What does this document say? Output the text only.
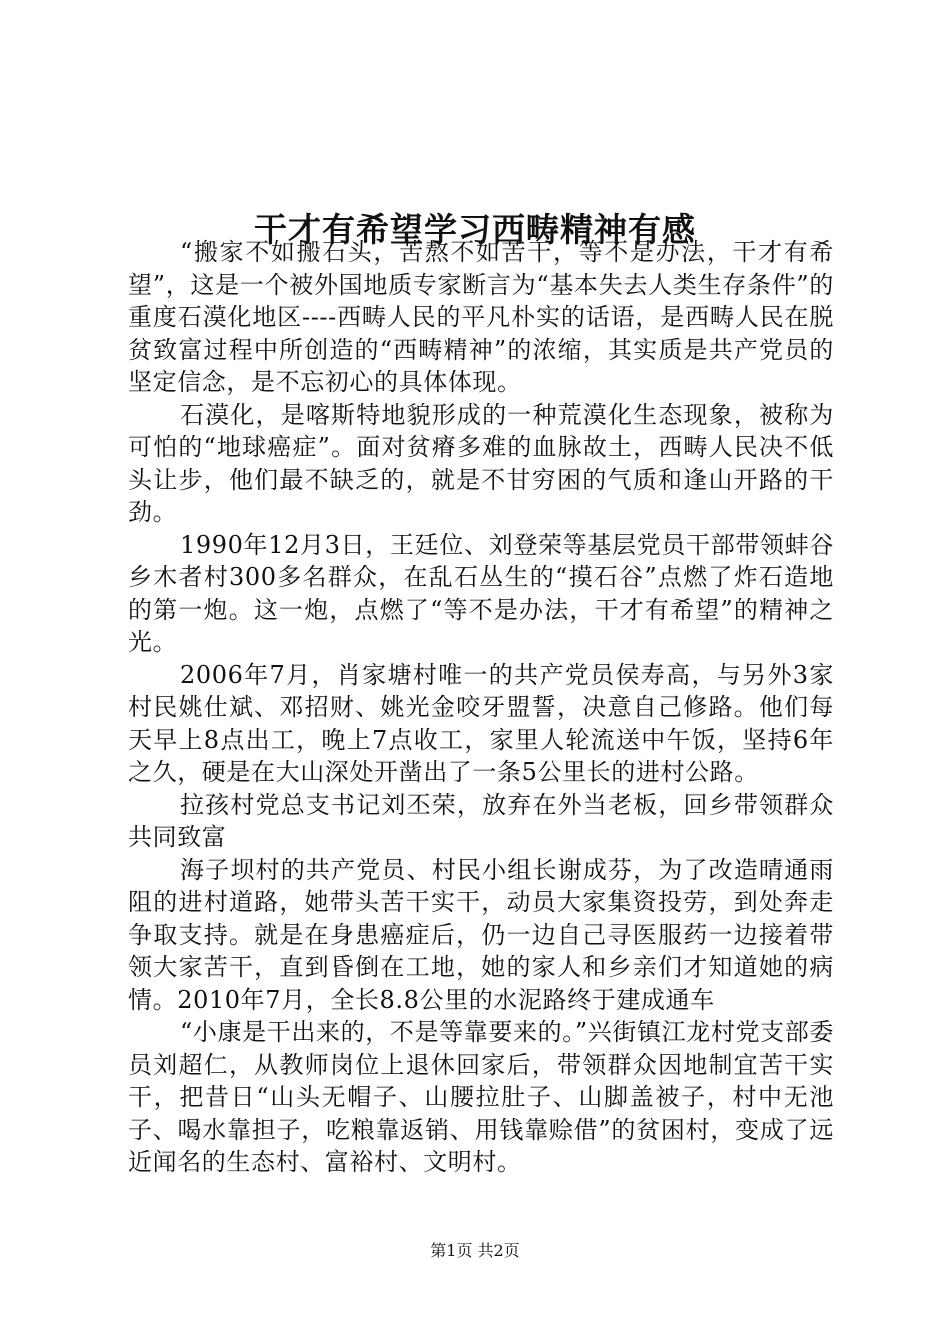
干才有希望学习西畴精神有感

“搬家不如搬石头，苦熬不如苦干，等不是办法，干才有希望”，这是一个被外国地质专家断言为“基本失去人类生存条件”的重度石漠化地区----西畴人民的平凡朴实的话语，是西畴人民在脱贫致富过程中所创造的“西畴精神”的浓缩，其实质是共产党员的坚定信念，是不忘初心的具体体现。

石漠化，是喀斯特地貌形成的一种荒漠化生态现象，被称为可怕的“地球癌症”。面对贫瘠多难的血脉故土，西畴人民决不低头让步，他们最不缺乏的，就是不甘穷困的气质和逢山开路的干劲。

1990年12月3日，王廷位、刘登荣等基层党员干部带领蚌谷乡木者村300多名群众，在乱石丛生的“摸石谷”点燃了炸石造地的第一炮。这一炮，点燃了“等不是办法，干才有希望”的精神之光。

2006年7月，肖家塘村唯一的共产党员侯寿高，与另外3家村民姚仕斌、邓招财、姚光金咬牙盟誓，决意自己修路。他们每天早上8点出工，晚上7点收工，家里人轮流送中午饭，坚持6年之久，硬是在大山深处开凿出了一条5公里长的进村公路。

拉孩村党总支书记刘丕荣，放弃在外当老板，回乡带领群众共同致富

海子坝村的共产党员、村民小组长谢成芬，为了改造晴通雨阻的进村道路，她带头苦干实干，动员大家集资投劳，到处奔走争取支持。就是在身患癌症后，仍一边自己寻医服药一边接着带领大家苦干，直到昏倒在工地，她的家人和乡亲们才知道她的病情。2010年7月，全长8.8公里的水泥路终于建成通车

“小康是干出来的，不是等靠要来的。”兴街镇江龙村党支部委员刘超仁，从教师岗位上退休回家后，带领群众因地制宜苦干实干，把昔日“山头无帽子、山腰拉肚子、山脚盖被子，村中无池子、喝水靠担子，吃粮靠返销、用钱靠赊借”的贫困村，变成了远近闻名的生态村、富裕村、文明村。

第1页 共2页
